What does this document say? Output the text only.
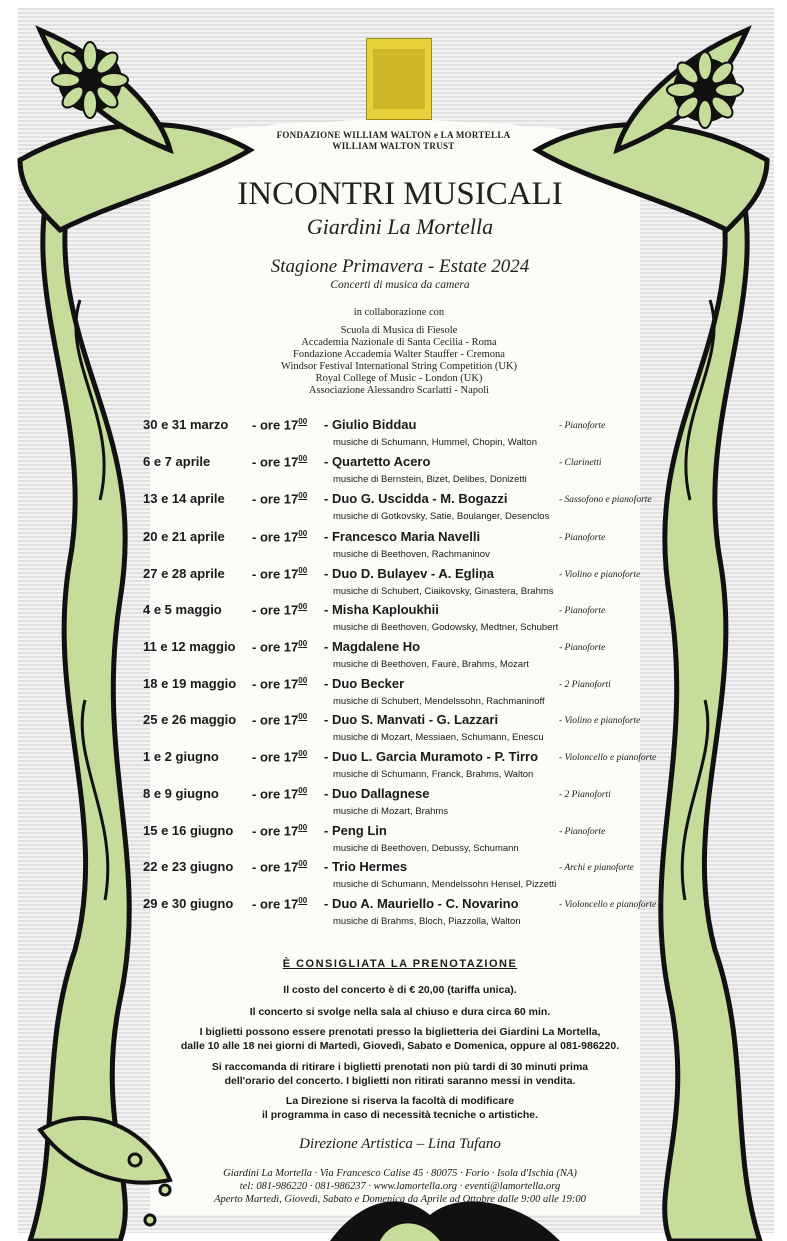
FONDAZIONE WILLIAM WALTON e LA MORTELLA
WILLIAM WALTON TRUST
INCONTRI MUSICALI
Giardini La Mortella
Stagione Primavera - Estate 2024
Concerti di musica da camera
in collaborazione con
Scuola di Musica di Fiesole
Accademia Nazionale di Santa Cecilia - Roma
Fondazione Accademia Walter Stauffer - Cremona
Windsor Festival International String Competition (UK)
Royal College of Music - London (UK)
Associazione Alessandro Scarlatti - Napoli
30 e 31 marzo - ore $17^{00}$ - Giulio Biddau	- Pianoforte
musiche di Schumann, Hummel, Chopin, Walton
6 e 7 aprile	- ore $17^{00}$ - Quartetto Acero	- Clarinetti
musiche di Bernstein, Bizet, Delibes, Donizetti
13 e 14 aprile - ore $17^{00}$ - Duo G. Uscidda - M. Bogazzi	- Sassofono e pianoforte
musiche di Gotkovsky, Satie, Boulanger, Desenclos
20 e 21 aprile - ore $17^{00}$ - Francesco Maria Navelli	- Pianoforte
musiche di Beethoven, Rachmaninov
27 e 28 aprile - ore $17^{00}$ - Duo D. Bulayev - A. Egliņa	- Violino e pianoforte
musiche di Schubert, Ciaikovsky, Ginastera, Brahms
4 e 5 maggio - ore $17^{00}$ - Misha Kaploukhii	- Pianoforte
musiche di Beethoven, Godowsky, Medtner, Schubert
11 e 12 maggio - ore $17^{00}$ - Magdalene Ho	- Pianoforte
musiche di Beethoven, Faurè, Brahms, Mozart
18 e 19 maggio - ore $17^{00}$ - Duo Becker	- 2 Pianoforti
musiche di Schubert, Mendelssohn, Rachmaninoff
25 e 26 maggio - ore $17^{00}$ - Duo S. Manvati - G. Lazzari	- Violino e pianoforte
musiche di Mozart, Messiaen, Schumann, Enescu
1 e 2 giugno	- ore $17^{00}$ - Duo L. Garcia Muramoto - P. Tirro - Violoncello e pianoforte
musiche di Schumann, Franck, Brahms, Walton
8 e 9 giugno	- ore $17^{00}$ - Duo Dallagnese	- 2 Pianoforti
musiche di Mozart, Brahms
15 e 16 giugno - ore $17^{00}$ - Peng Lin	- Pianoforte
musiche di Beethoven, Debussy, Schumann
22 e 23 giugno - ore $17^{00}$ - Trio Hermes	- Archi e pianoforte
musiche di Schumann, Mendelssohn Hensel, Pizzetti
29 e 30 giugno - ore $17^{00}$ - Duo A. Mauriello - C. Novarino	- Violoncello e pianoforte
musiche di Brahms, Bloch, Piazzolla, Walton
È CONSIGLIATA LA PRENOTAZIONE
Il costo del concerto è di € 20,00 (tariffa unica).
Il concerto si svolge nella sala al chiuso e dura circa 60 min.
I biglietti possono essere prenotati presso la biglietteria dei Giardini La Mortella,
dalle 10 alle 18 nei giorni di Martedì, Giovedì, Sabato e Domenica, oppure al 081-986220.
Si raccomanda di ritirare i biglietti prenotati non più tardi di 30 minuti prima
dell'orario del concerto. I biglietti non ritirati saranno messi in vendita.
La Direzione si riserva la facoltà di modificare
il programma in caso di necessità tecniche o artistiche.
Direzione Artistica – Lina Tufano
Giardini La Mortella · Via Francesco Calise 45 · 80075 · Forio · Isola d'Ischia (NA)
tel: 081-986220 · 081-986237 · www.lamortella.org · eventi@lamortella.org
Aperto Martedì, Giovedì, Sabato e Domenica da Aprile ad Ottobre dalle 9:00 alle 19:00
